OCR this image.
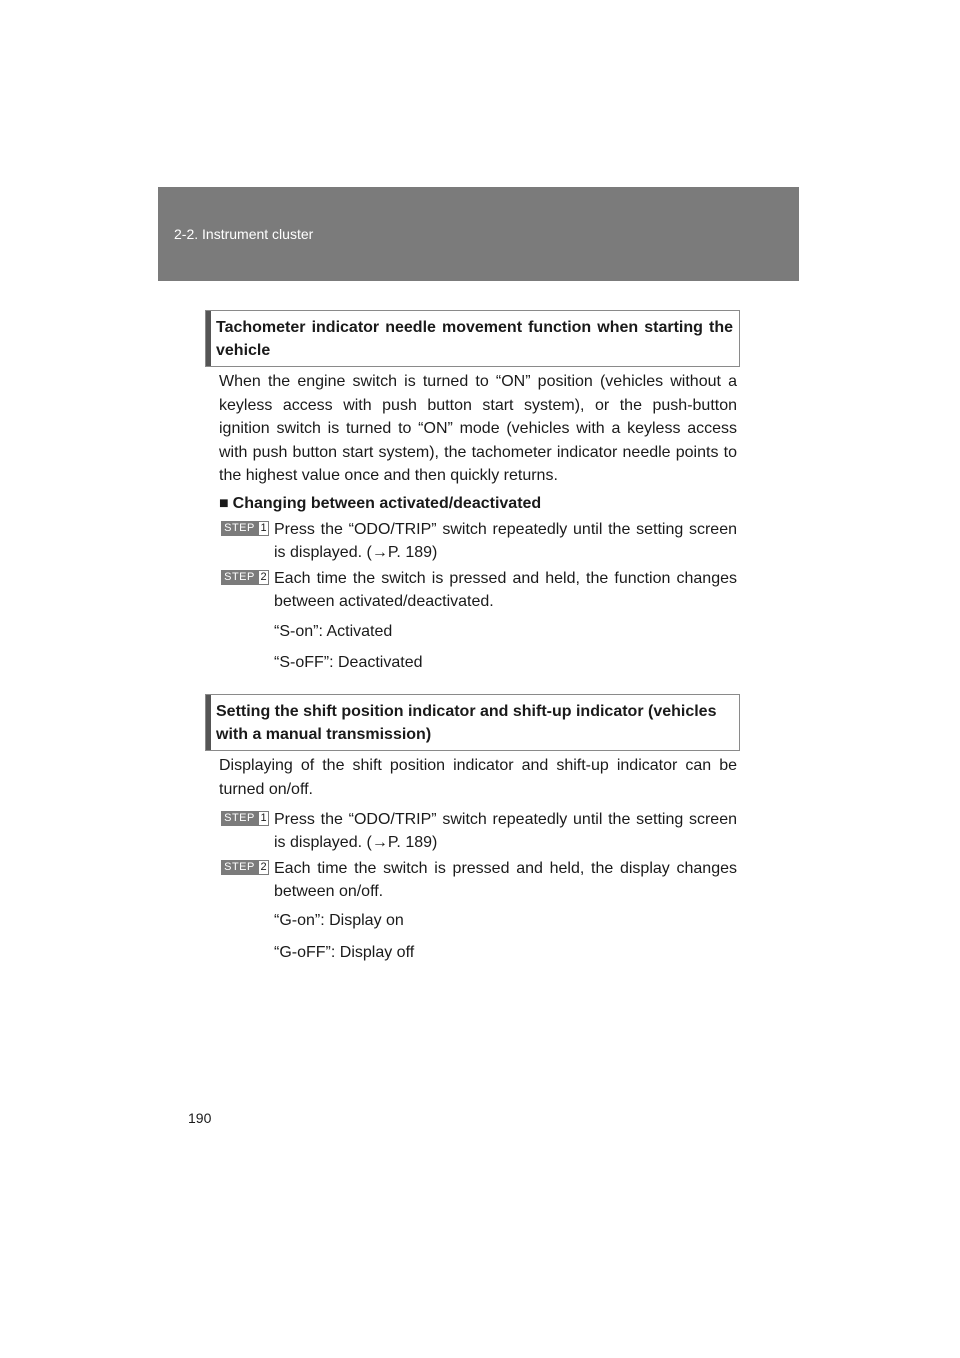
2-2. Instrument cluster
Tachometer indicator needle movement function when starting the vehicle
When the engine switch is turned to “ON” position (vehicles without a keyless access with push button start system), or the push-button ignition switch is turned to “ON” mode (vehicles with a keyless access with push button start system), the tachometer indicator needle points to the highest value once and then quickly returns.
■ Changing between activated/deactivated
STEP 1 Press the “ODO/TRIP” switch repeatedly until the setting screen is displayed. (→P. 189)
STEP 2 Each time the switch is pressed and held, the function changes between activated/deactivated.
“S-on”: Activated
“S-oFF”: Deactivated
Setting the shift position indicator and shift-up indicator (vehicles with a manual transmission)
Displaying of the shift position indicator and shift-up indicator can be turned on/off.
STEP 1 Press the “ODO/TRIP” switch repeatedly until the setting screen is displayed. (→P. 189)
STEP 2 Each time the switch is pressed and held, the display changes between on/off.
“G-on”: Display on
“G-oFF”: Display off
190
